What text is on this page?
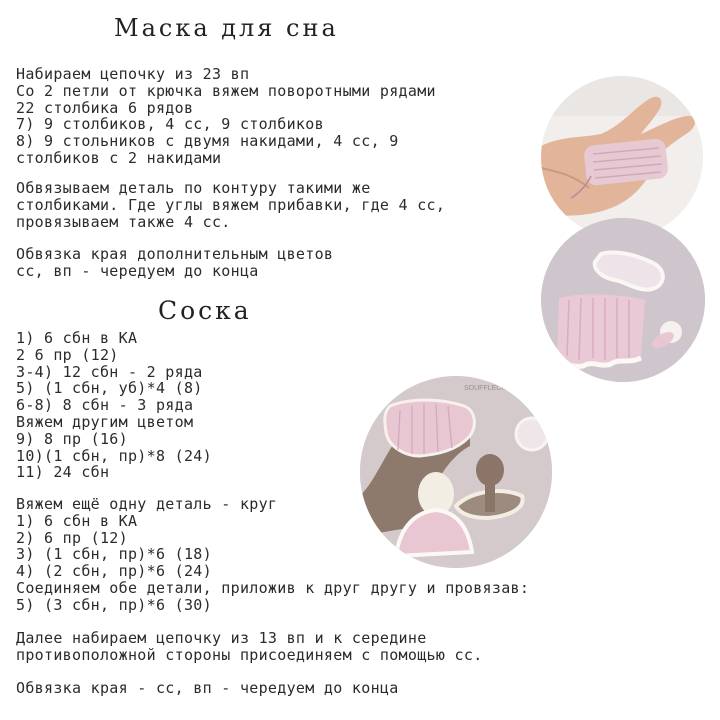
Маска для сна
Набираем цепочку из 23 вп
Со 2 петли от крючка вяжем поворотными рядами
22 столбика 6 рядов
7) 9 столбиков, 4 сс, 9 столбиков
8) 9 стольников с двумя накидами, 4 сс, 9
столбиков с 2 накидами
Обвязываем деталь по контуру такими же
столбиками. Где углы вяжем прибавки, где 4 сс,
провязываем также 4 сс.
Обвязка края дополнительным цветов
сс, вп - чередуем до конца
Соска
1) 6 сбн в КА
2 6 пр (12)
3-4) 12 сбн - 2 ряда
5) (1 сбн, уб)*4 (8)
6-8) 8 сбн - 3 ряда
Вяжем другим цветом
9) 8 пр (16)
10)(1 сбн, пр)*8 (24)
11) 24 сбн
Вяжем ещё одну деталь - круг
1) 6 сбн в КА
2) 6 пр (12)
3) (1 сбн, пр)*6 (18)
4) (2 сбн, пр)*6 (24)
Соединяем обе детали, приложив к друг другу и провязав:
5) (3 сбн, пр)*6 (30)
Далее набираем цепочку из 13 вп и к середине
противоположной стороны присоединяем с помощью сс.
Обвязка края - сс, вп - чередуем до конца
SOUFFLECK
